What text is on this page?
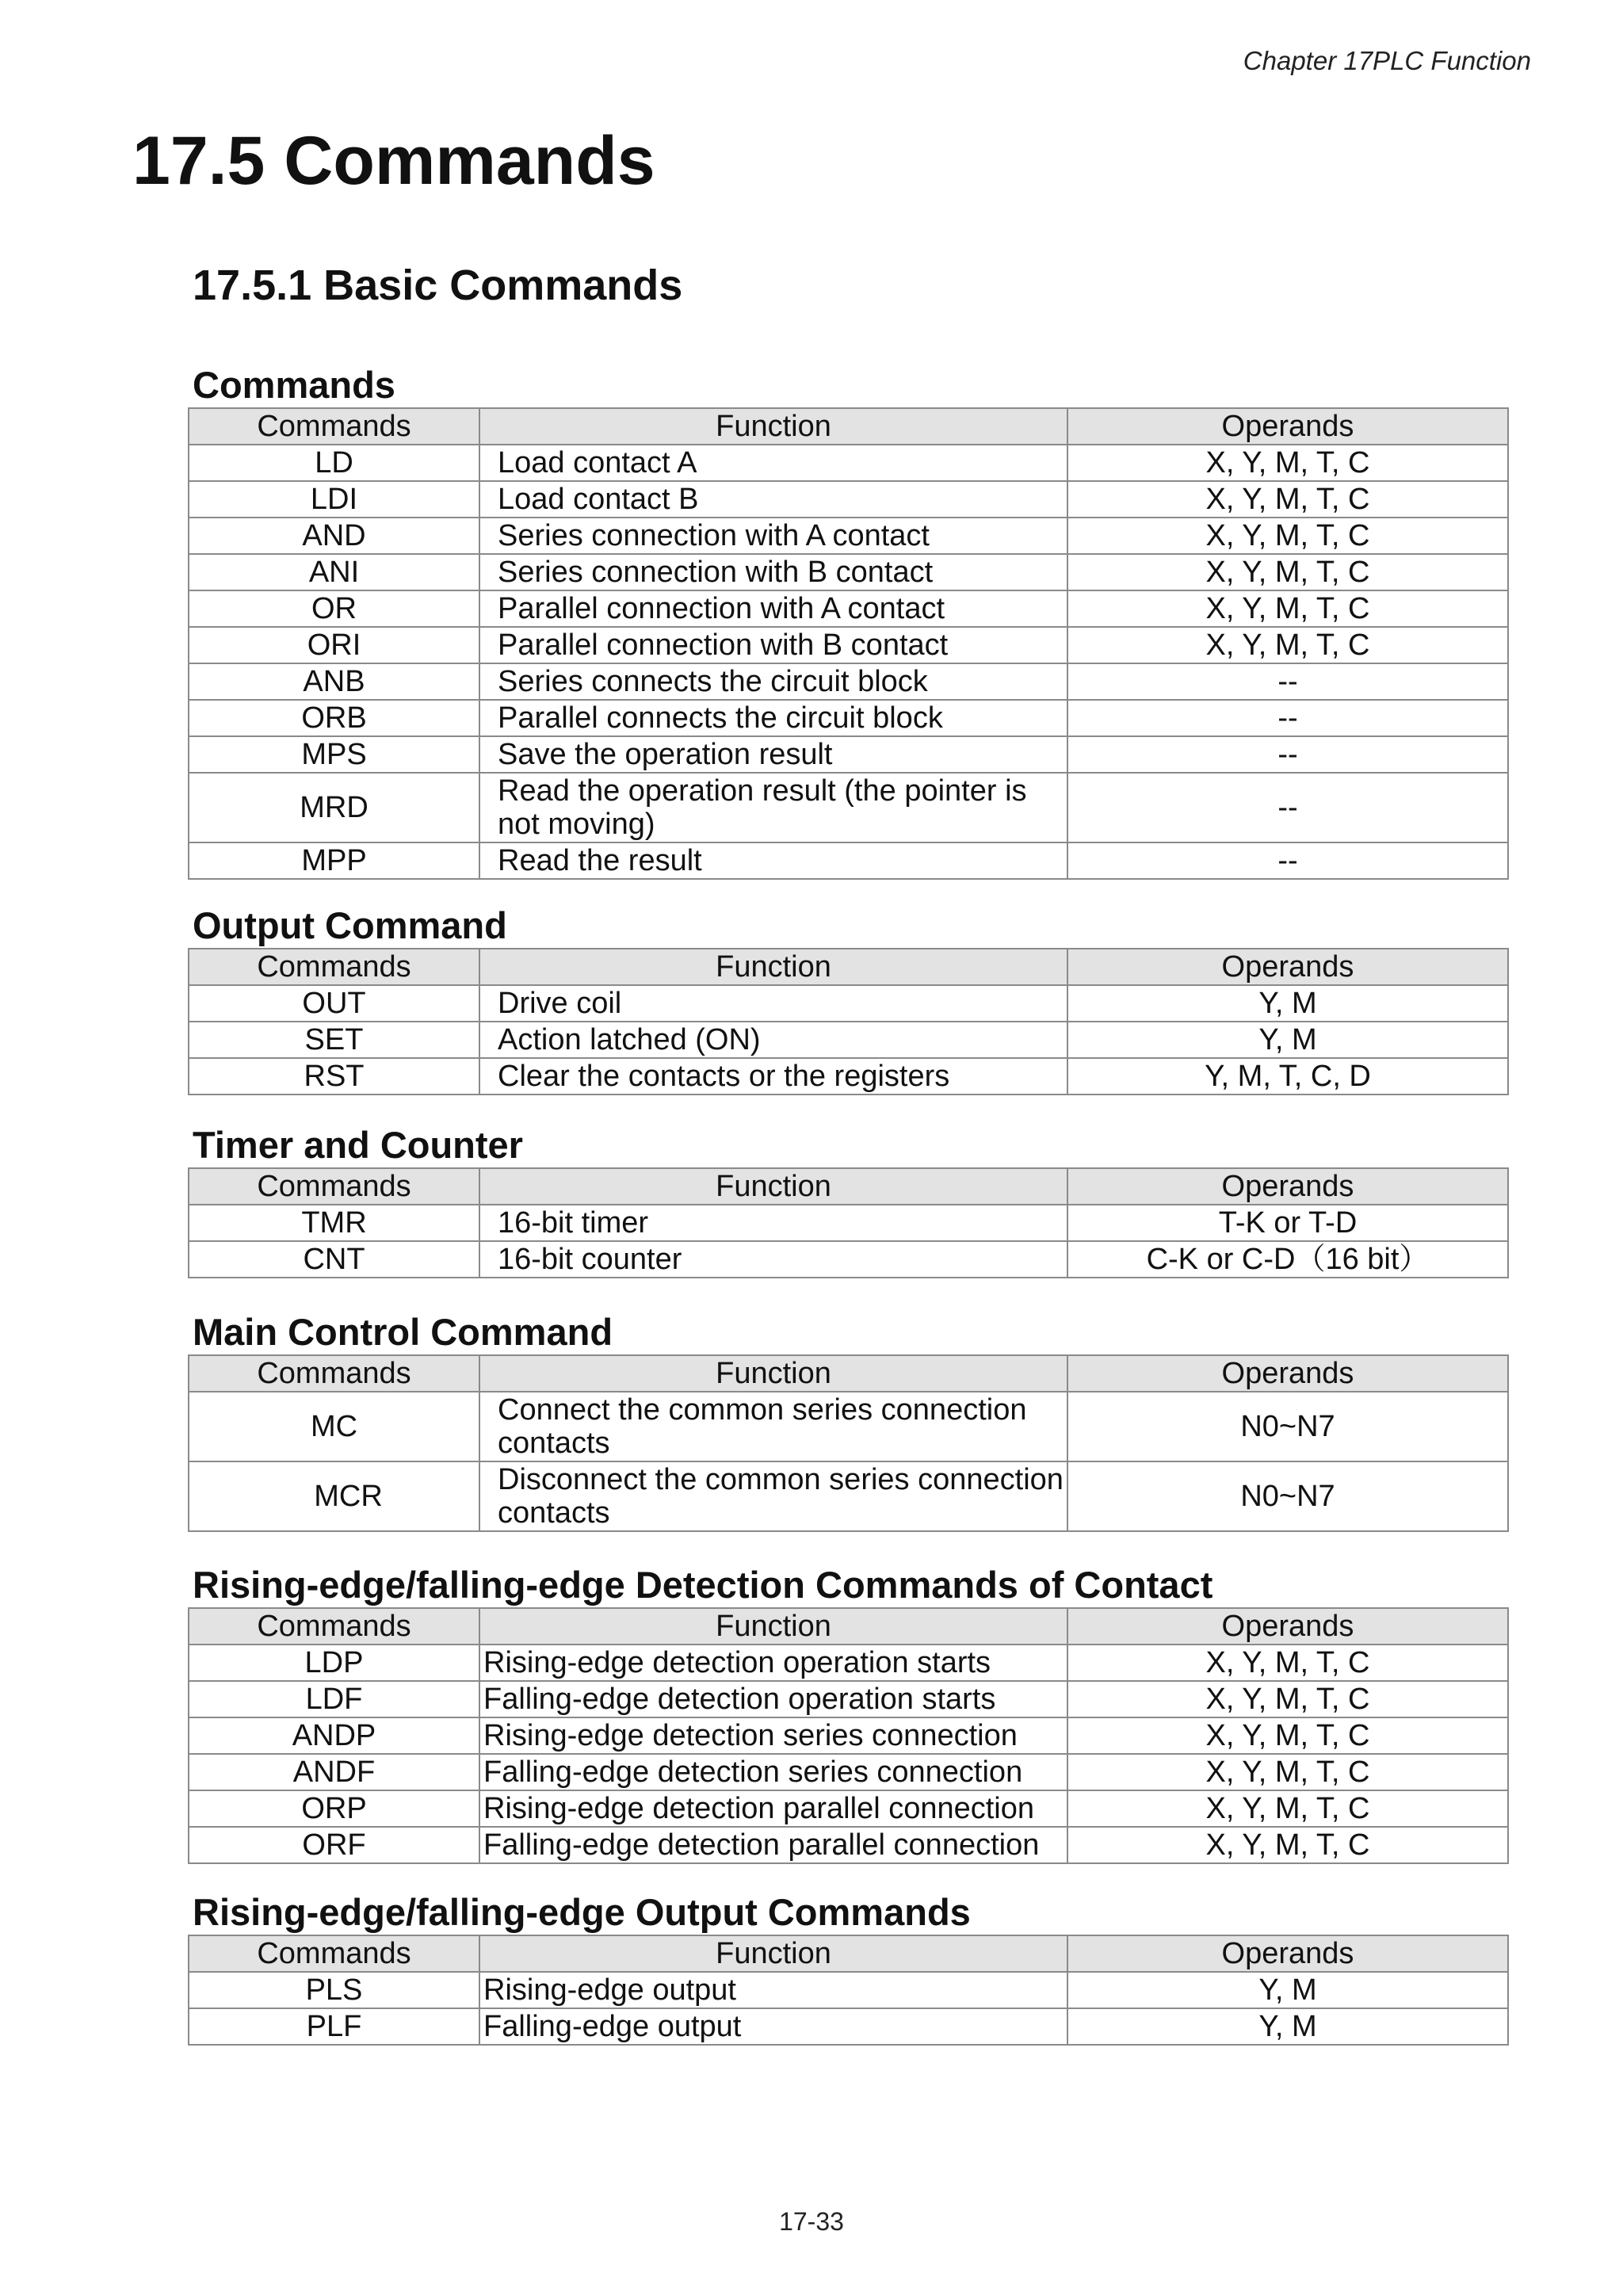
Chapter 17PLC Function
17.5 Commands
17.5.1 Basic Commands
Commands
Commands	Function	Operands
LD	Load contact A	X, Y, M, T, C
LDI	Load contact B	X, Y, M, T, C
AND	Series connection with A contact	X, Y, M, T, C
ANI	Series connection with B contact	X, Y, M, T, C
OR	Parallel connection with A contact	X, Y, M, T, C
ORI	Parallel connection with B contact	X, Y, M, T, C
ANB	Series connects the circuit block	--
ORB	Parallel connects the circuit block	--
MPS	Save the operation result	--
MRD	Read the operation result (the pointer is not moving)	--
MPP	Read the result	--
Output Command
Commands	Function	Operands
OUT	Drive coil	Y, M
SET	Action latched (ON)	Y, M
RST	Clear the contacts or the registers	Y, M, T, C, D
Timer and Counter
Commands	Function	Operands
TMR	16-bit timer	T-K or T-D
CNT	16-bit counter	C-K or C-D（16 bit）
Main Control Command
Commands	Function	Operands
MC	Connect the common series connection contacts	N0~N7
MCR	Disconnect the common series connection contacts	N0~N7
Rising-edge/falling-edge Detection Commands of Contact
Commands	Function	Operands
LDP	Rising-edge detection operation starts	X, Y, M, T, C
LDF	Falling-edge detection operation starts	X, Y, M, T, C
ANDP	Rising-edge detection series connection	X, Y, M, T, C
ANDF	Falling-edge detection series connection	X, Y, M, T, C
ORP	Rising-edge detection parallel connection	X, Y, M, T, C
ORF	Falling-edge detection parallel connection	X, Y, M, T, C
Rising-edge/falling-edge Output Commands
Commands	Function	Operands
PLS	Rising-edge output	Y, M
PLF	Falling-edge output	Y, M
17-33
